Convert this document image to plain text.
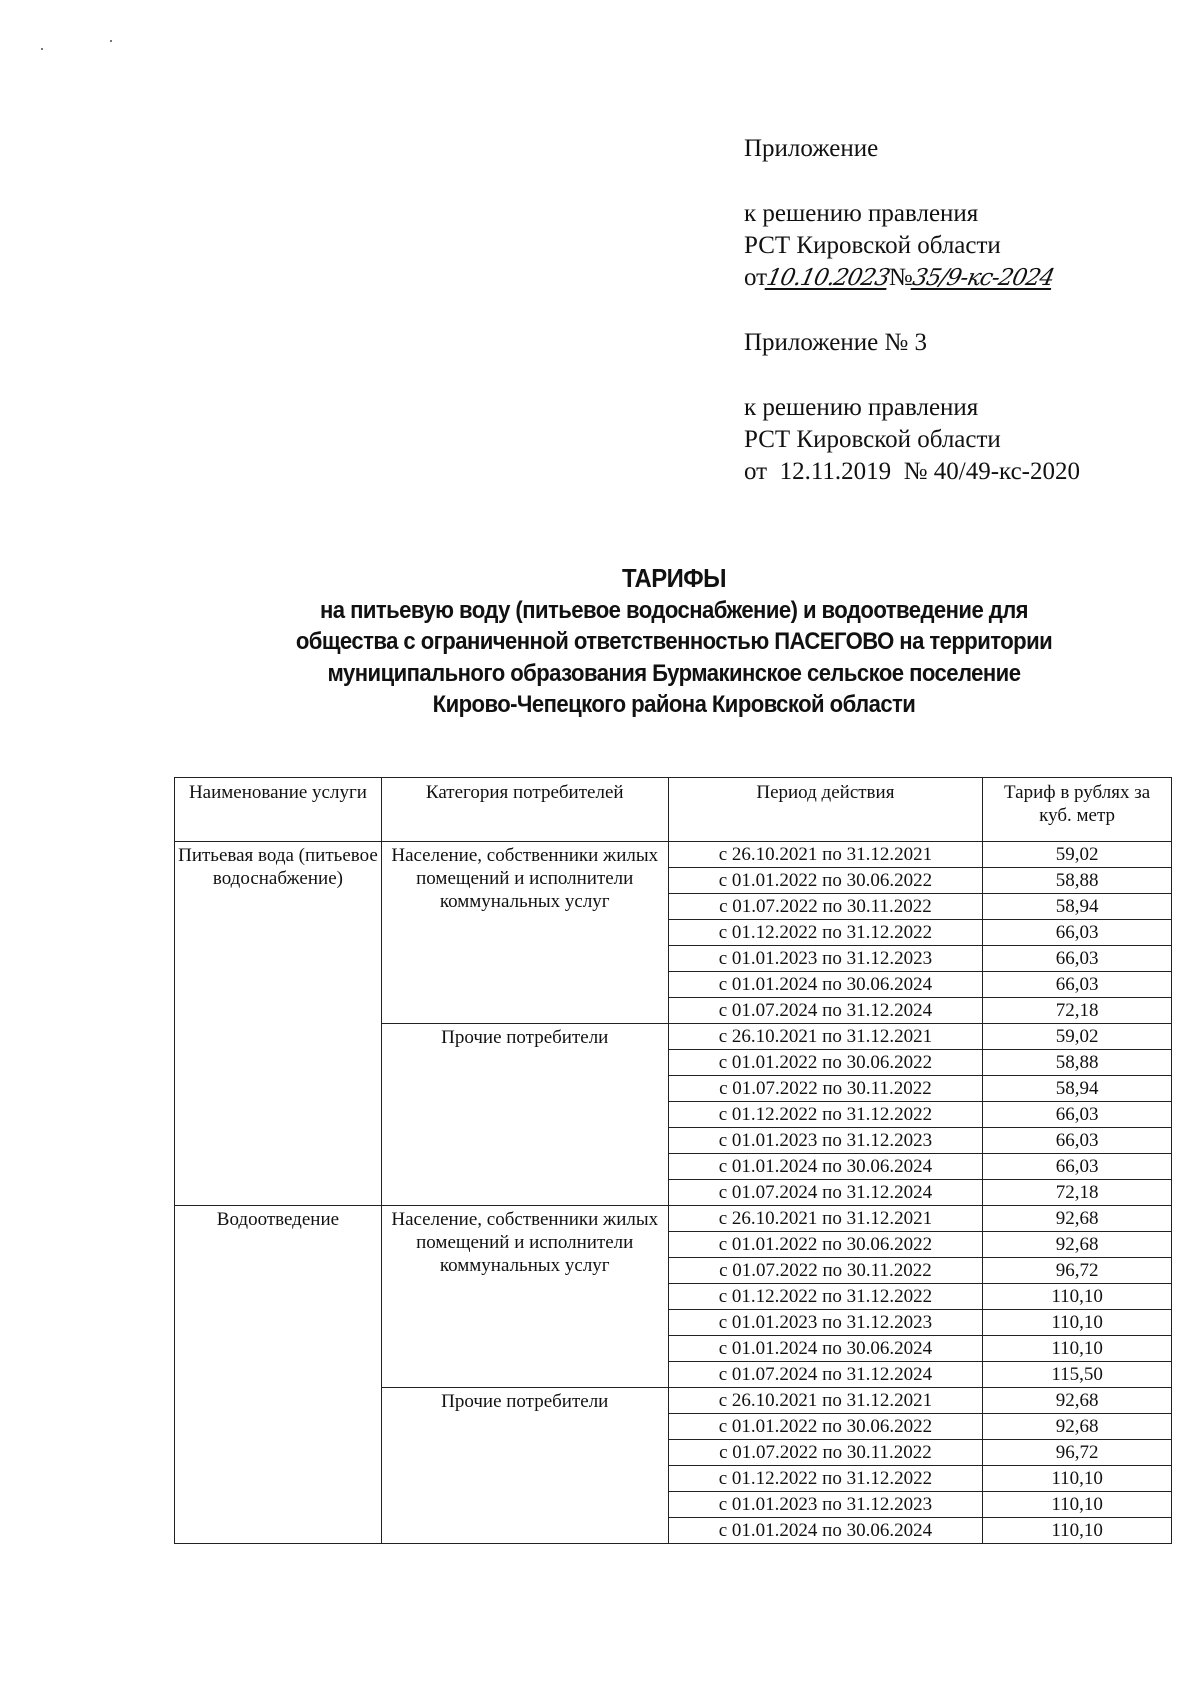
Приложение
к решению правления
РСТ Кировской области
от10.10.2023№35/9-кс-2024
Приложение № 3
к решению правления
РСТ Кировской области
от  12.11.2019  № 40/49-кс-2020
ТАРИФЫ
на питьевую воду (питьевое водоснабжение) и водоотведение для
общества с ограниченной ответственностью ПАСЕГОВО на территории
муниципального образования Бурмакинское сельское поселение
Кирово-Чепецкого района Кировской области
Наименование услуги	Категория потребителей	Период действия	Тариф в рублях за куб. метр
Питьевая вода (питьевое водоснабжение)	Население, собственники жилых помещений и исполнители коммунальных услуг	с 26.10.2021 по 31.12.2021	59,02
		с 01.01.2022 по 30.06.2022	58,88
		с 01.07.2022 по 30.11.2022	58,94
		с 01.12.2022 по 31.12.2022	66,03
		с 01.01.2023 по 31.12.2023	66,03
		с 01.01.2024 по 30.06.2024	66,03
		с 01.07.2024 по 31.12.2024	72,18
	Прочие потребители	с 26.10.2021 по 31.12.2021	59,02
		с 01.01.2022 по 30.06.2022	58,88
		с 01.07.2022 по 30.11.2022	58,94
		с 01.12.2022 по 31.12.2022	66,03
		с 01.01.2023 по 31.12.2023	66,03
		с 01.01.2024 по 30.06.2024	66,03
		с 01.07.2024 по 31.12.2024	72,18
Водоотведение	Население, собственники жилых помещений и исполнители коммунальных услуг	с 26.10.2021 по 31.12.2021	92,68
		с 01.01.2022 по 30.06.2022	92,68
		с 01.07.2022 по 30.11.2022	96,72
		с 01.12.2022 по 31.12.2022	110,10
		с 01.01.2023 по 31.12.2023	110,10
		с 01.01.2024 по 30.06.2024	110,10
		с 01.07.2024 по 31.12.2024	115,50
	Прочие потребители	с 26.10.2021 по 31.12.2021	92,68
		с 01.01.2022 по 30.06.2022	92,68
		с 01.07.2022 по 30.11.2022	96,72
		с 01.12.2022 по 31.12.2022	110,10
		с 01.01.2023 по 31.12.2023	110,10
		с 01.01.2024 по 30.06.2024	110,10
